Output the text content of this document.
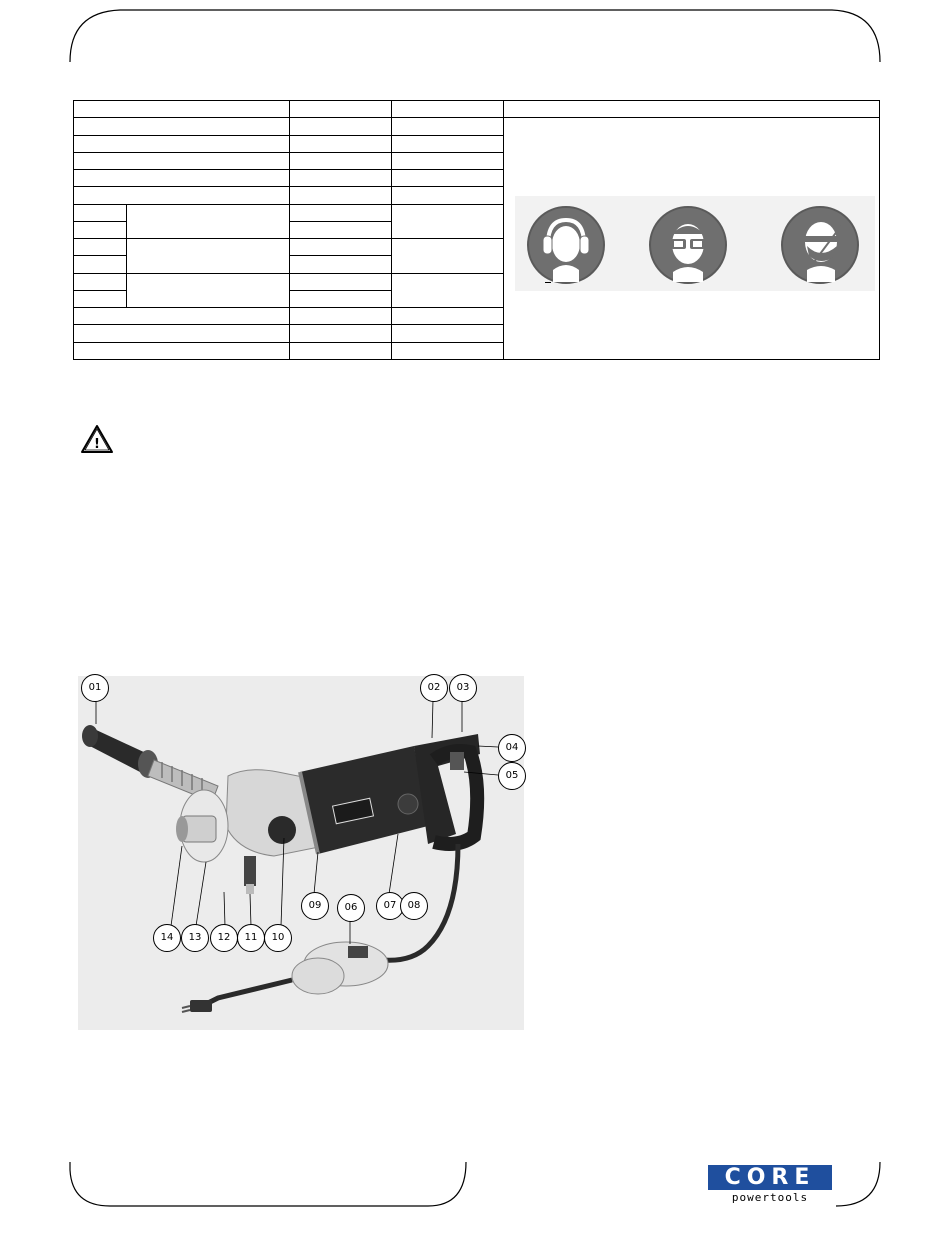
!
01	02	03
04
05
06	07	08
09
10
11
12
13
14
CORE
powertools
